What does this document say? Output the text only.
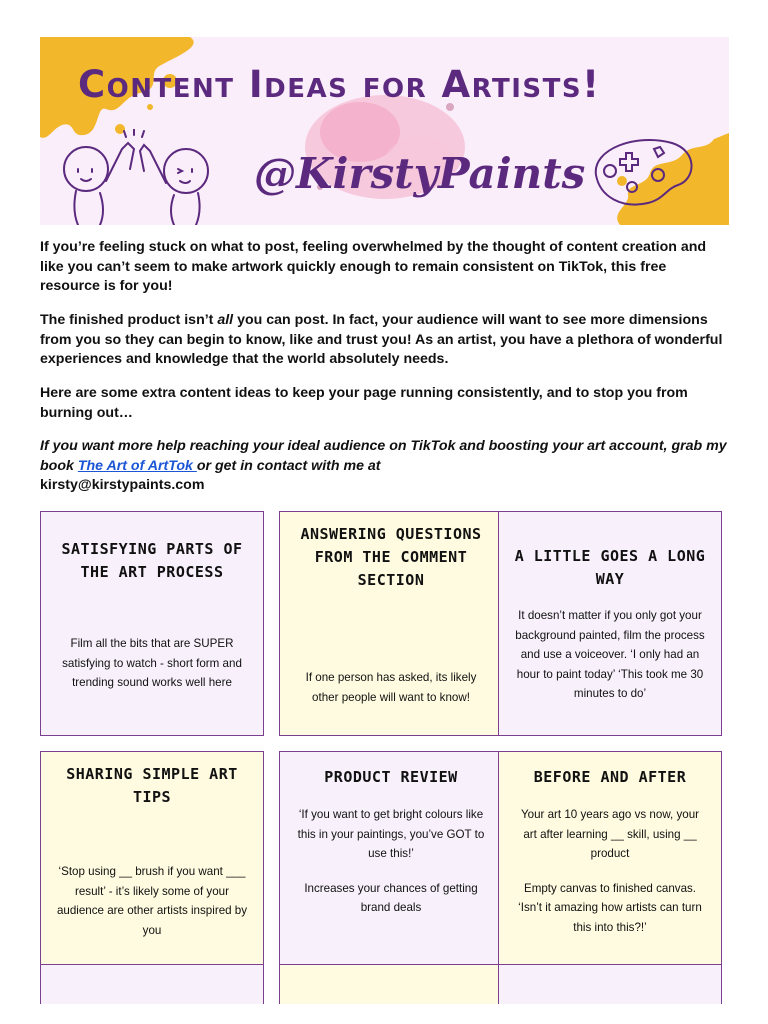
Content Ideas for Artists!
@KirstyPaints

If you’re feeling stuck on what to post, feeling overwhelmed by the thought of content creation and like you can’t seem to make artwork quickly enough to remain consistent on TikTok, this free resource is for you!

The finished product isn’t all you can post. In fact, your audience will want to see more dimensions from you so they can begin to know, like and trust you! As an artist, you have a plethora of wonderful experiences and knowledge that the world absolutely needs.

Here are some extra content ideas to keep your page running consistently, and to stop you from burning out…

If you want more help reaching your ideal audience on TikTok and boosting your art account, grab my book The Art of ArtTok or get in contact with me at
kirsty@kirstypaints.com

SATISFYING PARTS OF THE ART PROCESS

Film all the bits that are SUPER satisfying to watch - short form and trending sound works well here

ANSWERING QUESTIONS FROM THE COMMENT SECTION

If one person has asked, its likely other people will want to know!

A LITTLE GOES A LONG WAY

It doesn’t matter if you only got your background painted, film the process and use a voiceover. ‘I only had an hour to paint today’ ‘This took me 30 minutes to do’

SHARING SIMPLE ART TIPS

‘Stop using __ brush if you want ___ result’ - it’s likely some of your audience are other artists inspired by you

PRODUCT REVIEW

‘If you want to get bright colours like this in your paintings, you’ve GOT to use this!’

Increases your chances of getting brand deals

BEFORE AND AFTER

Your art 10 years ago vs now, your art after learning __ skill, using __ product

Empty canvas to finished canvas. ‘Isn’t it amazing how artists can turn this into this?!’
